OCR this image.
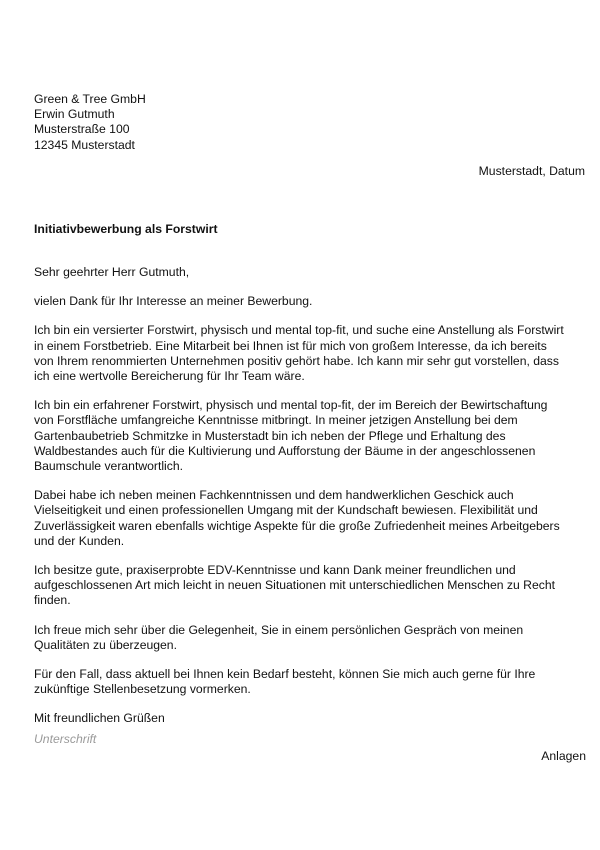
Green & Tree GmbH
Erwin Gutmuth
Musterstraße 100
12345 Musterstadt
Musterstadt, Datum
Initiativbewerbung als Forstwirt

Sehr geehrter Herr Gutmuth,

vielen Dank für Ihr Interesse an meiner Bewerbung.

Ich bin ein versierter Forstwirt, physisch und mental top-fit, und suche eine Anstellung als Forstwirt
in einem Forstbetrieb. Eine Mitarbeit bei Ihnen ist für mich von großem Interesse, da ich bereits
von Ihrem renommierten Unternehmen positiv gehört habe. Ich kann mir sehr gut vorstellen, dass
ich eine wertvolle Bereicherung für Ihr Team wäre.

Ich bin ein erfahrener Forstwirt, physisch und mental top-fit, der im Bereich der Bewirtschaftung
von Forstfläche umfangreiche Kenntnisse mitbringt. In meiner jetzigen Anstellung bei dem
Gartenbaubetrieb Schmitzke in Musterstadt bin ich neben der Pflege und Erhaltung des
Waldbestandes auch für die Kultivierung und Aufforstung der Bäume in der angeschlossenen
Baumschule verantwortlich.

Dabei habe ich neben meinen Fachkenntnissen und dem handwerklichen Geschick auch
Vielseitigkeit und einen professionellen Umgang mit der Kundschaft bewiesen. Flexibilität und
Zuverlässigkeit waren ebenfalls wichtige Aspekte für die große Zufriedenheit meines Arbeitgebers
und der Kunden.

Ich besitze gute, praxiserprobte EDV-Kenntnisse und kann Dank meiner freundlichen und
aufgeschlossenen Art mich leicht in neuen Situationen mit unterschiedlichen Menschen zu Recht
finden.

Ich freue mich sehr über die Gelegenheit, Sie in einem persönlichen Gespräch von meinen
Qualitäten zu überzeugen.

Für den Fall, dass aktuell bei Ihnen kein Bedarf besteht, können Sie mich auch gerne für Ihre
zukünftige Stellenbesetzung vormerken.

Mit freundlichen Grüßen

Unterschrift
Anlagen
